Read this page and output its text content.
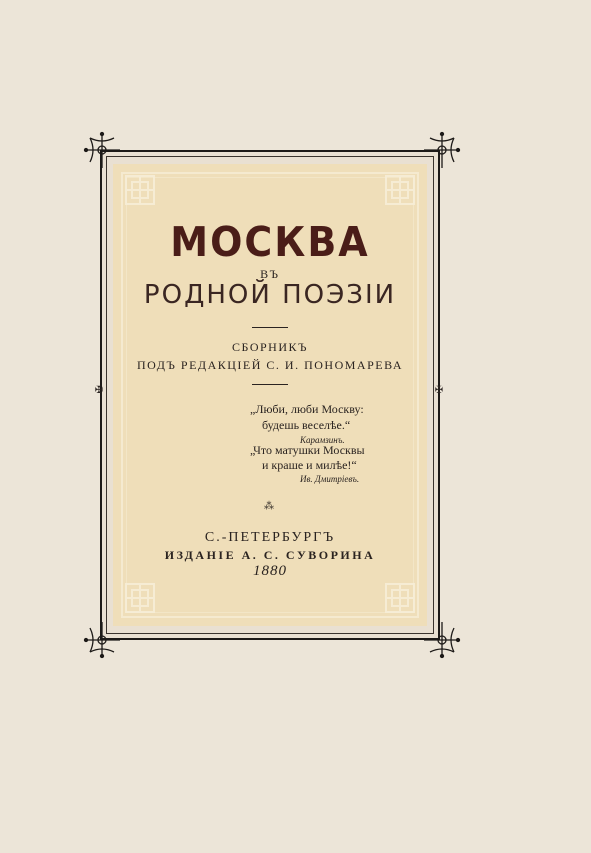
✠	✠
МОСКВА
ВЪ
РОДНОЙ ПОЭЗІИ
СБОРНИКЪ
ПОДЪ РЕДАКЦІЕЙ С. И. ПОНОМАРЕВА
„Люби, люби Москву:
будешь веселѣе.“
Карамзинъ.
„Что матушки Москвы
и краше и милѣе!“
Ив. Дмитріевъ.
⁂
С.-ПЕТЕРБУРГЪ
ИЗДАНІЕ А. С. СУВОРИНА
1880
